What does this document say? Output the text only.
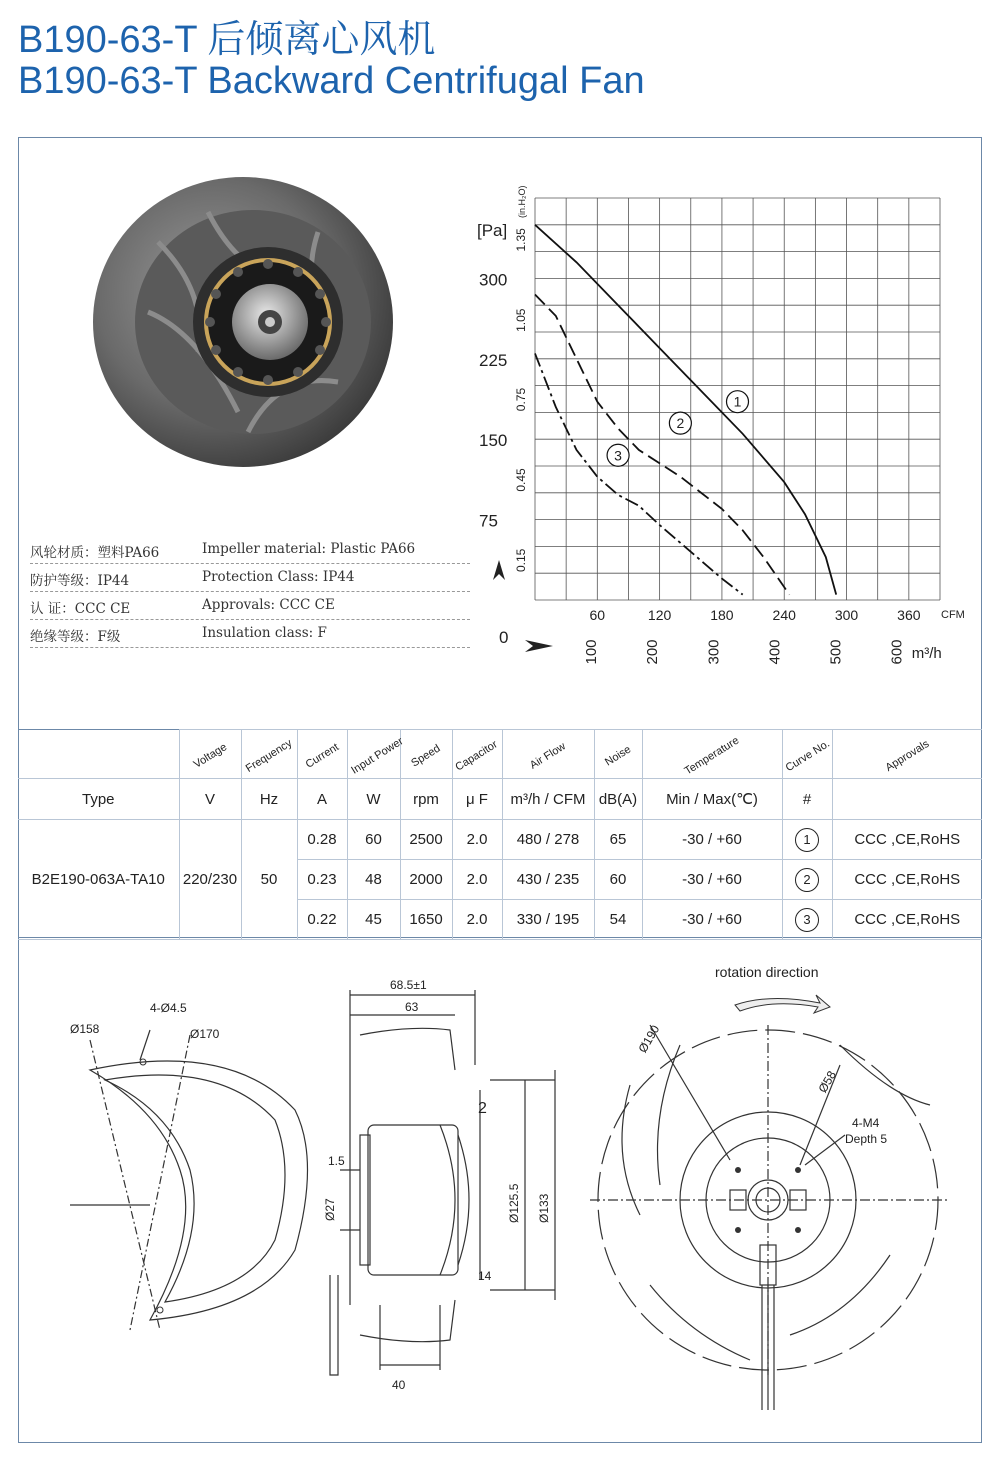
B190-63-T 后倾离心风机
B190-63-T Backward Centrifugal Fan
风轮材质：塑料PA66	Impeller material: Plastic PA66
防护等级：IP44	Protection Class: IP44
认 证：CCC CE	Approvals: CCC CE
绝缘等级：F级	Insulation class: F
1
2
3
300
225
150
75
0
[Pa] 1.35
1.05
0.75
0.45
0.15
(in.H₂O)
60	120	180	240	300	360 CFM
100	200	300	400	500	600 m³/h
	Voltage	Frequency	Current	Input Power	Speed	Capacitor	Air Flow	Noise	Temperature	Curve No.	Approvals
Type	V	Hz	A	W	rpm	μ F	m³/h / CFM	dB(A)	Min / Max(℃)	#	
B2E190-063A-TA10	220/230	50	0.28	60	2500	2.0	480 / 278	65	-30 / +60	1	CCC ,CE,RoHS
			0.23	48	2000	2.0	430 / 235	60	-30 / +60	2	CCC ,CE,RoHS
			0.22	45	1650	2.0	330 / 195	54	-30 / +60	3	CCC ,CE,RoHS
Ø158
4-Ø4.5
Ø170
68.5±1
63
2
1.5
Ø27	Ø125.5 Ø133
14
40
rotation direction
Ø190
Ø58
4-M4
Depth 5
